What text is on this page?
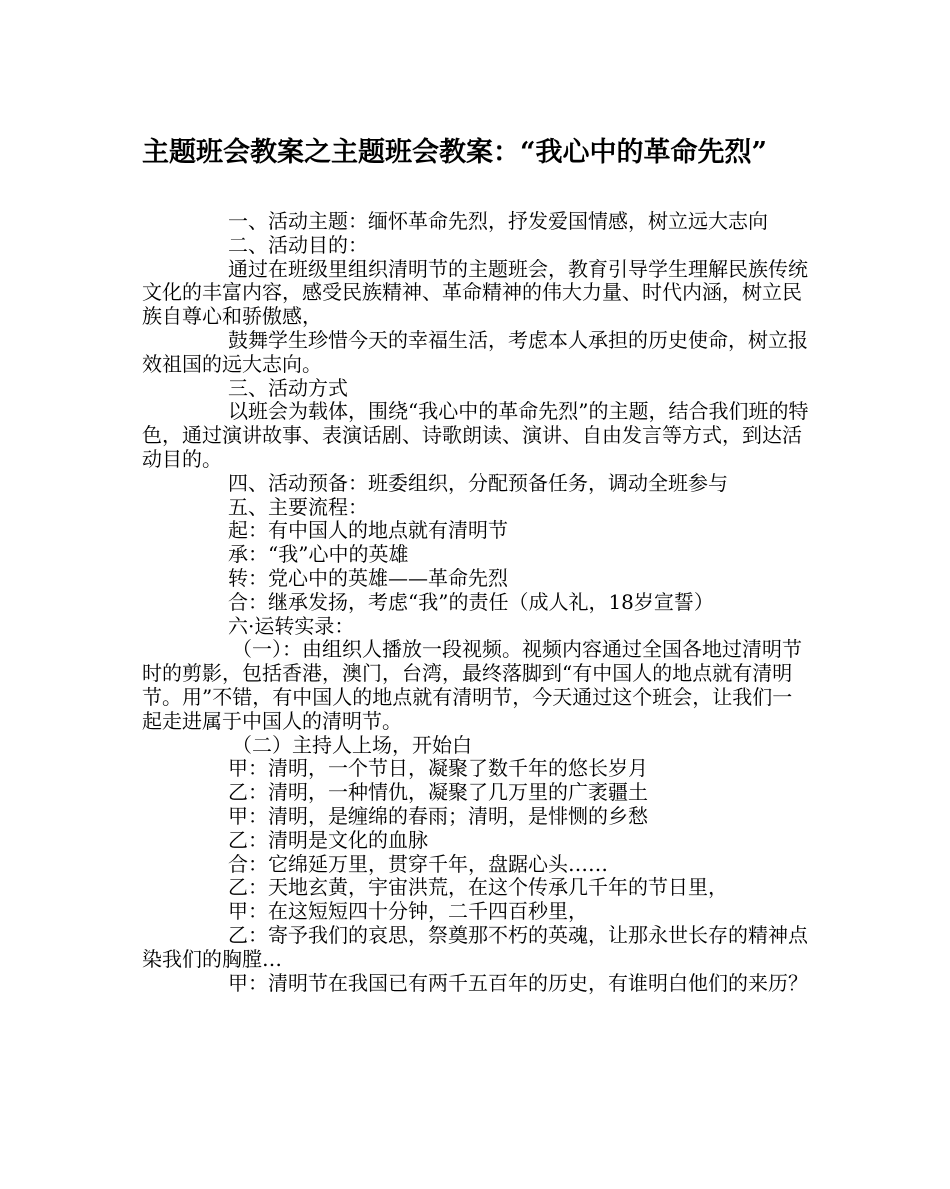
主题班会教案之主题班会教案：“我心中的革命先烈”

一、活动主题：缅怀革命先烈，抒发爱国情感，树立远大志向

二、活动目的：

通过在班级里组织清明节的主题班会，教育引导学生理解民族传统文化的丰富内容，感受民族精神、革命精神的伟大力量、时代内涵，树立民族自尊心和骄傲感，

鼓舞学生珍惜今天的幸福生活，考虑本人承担的历史使命，树立报效祖国的远大志向。

三、活动方式

以班会为载体，围绕“我心中的革命先烈”的主题，结合我们班的特色，通过演讲故事、表演话剧、诗歌朗读、演讲、自由发言等方式，到达活动目的。

四、活动预备：班委组织，分配预备任务，调动全班参与

五、主要流程：

起：有中国人的地点就有清明节

承：“我”心中的英雄

转：党心中的英雄——革命先烈

合：继承发扬，考虑“我”的责任（成人礼，18岁宣誓）

六·运转实录：

（一）：由组织人播放一段视频。视频内容通过全国各地过清明节时的剪影，包括香港，澳门，台湾，最终落脚到“有中国人的地点就有清明节。用”不错，有中国人的地点就有清明节，今天通过这个班会，让我们一起走进属于中国人的清明节。

（二）主持人上场，开始白

甲：清明，一个节日，凝聚了数千年的悠长岁月

乙：清明，一种情仇，凝聚了几万里的广袤疆土

甲：清明，是缠绵的春雨；清明，是悱恻的乡愁

乙：清明是文化的血脉

合：它绵延万里，贯穿千年，盘踞心头……

乙：天地玄黄，宇宙洪荒，在这个传承几千年的节日里，

甲：在这短短四十分钟，二千四百秒里，

乙：寄予我们的哀思，祭奠那不朽的英魂，让那永世长存的精神点染我们的胸膛…

甲：清明节在我国已有两千五百年的历史，有谁明白他们的来历？
